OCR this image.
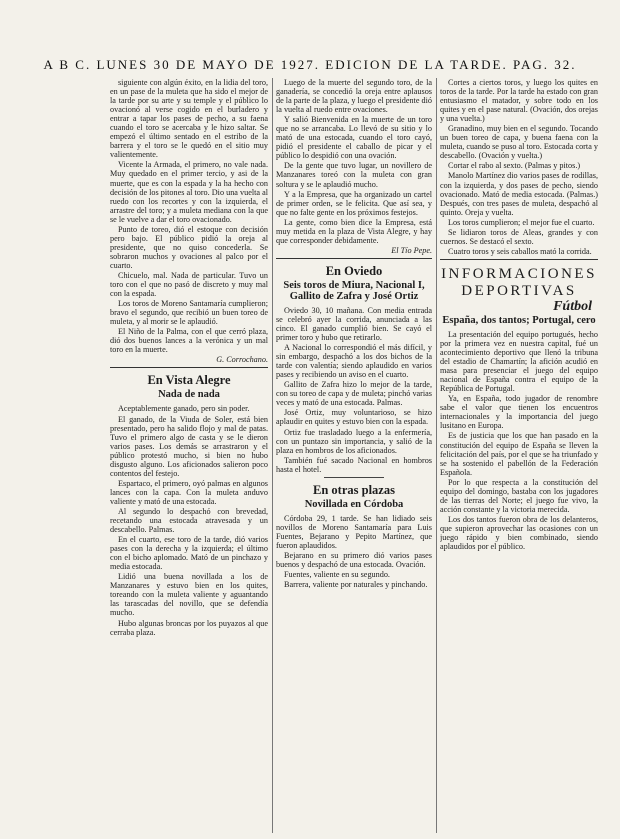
A B C. LUNES 30 DE MAYO DE 1927. EDICION DE LA TARDE. PAG. 32.

siguiente con algún éxito, en la lidia del toro, en un pase de la muleta que ha sido el mejor de la tarde por su arte y su temple y el público lo ovacionó al verse cogido en el burladero y entrar a tapar los pases de pecho, a su faena cuando el toro se acercaba y le hizo saltar. Se empezó el último sentado en el estribo de la barrera y el toro se le quedó en el sitio muy valientemente.

Vicente la Armada, el primero, no vale nada. Muy quedado en el primer tercio, y asi de la muerte, que es con la espada y la ha hecho con decisión de los pitones al toro. Dio una vuelta al ruedo con los recortes y con la izquierda, el arrastre del toro; y a muleta mediana con la que se le vuelve a dar el toro ovacionado.

Punto de toreo, dió el estoque con decisión pero bajo. El público pidió la oreja al presidente, que no quiso concederla. Se sobraron muchos y ovaciones al palco por el cuarto.

Chicuelo, mal. Nada de particular. Tuvo un toro con el que no pasó de discreto y muy mal con la espada.

Los toros de Moreno Santamaría cumplieron; bravo el segundo, que recibió un buen toreo de muleta, y al morir se le aplaudió.

El Niño de la Palma, con el que cerró plaza, dió dos buenos lances a la verónica y un mal toro en la muerte.

G. Corrochano.
En Vista Alegre
Nada de nada

Aceptablemente ganado, pero sin poder.

El ganado, de la Viuda de Soler, está bien presentado, pero ha salido flojo y mal de patas. Tuvo el primero algo de casta y se le dieron varios pases. Los demás se arrastraron y el público protestó mucho, si bien no hubo disgusto alguno. Los aficionados salieron poco contentos del festejo.

Espartaco, el primero, oyó palmas en algunos lances con la capa. Con la muleta anduvo valiente y mató de una estocada.

Al segundo lo despachó con brevedad, recetando una estocada atravesada y un descabello. Palmas.

En el cuarto, ese toro de la tarde, dió varios pases con la derecha y la izquierda; el último con el bicho aplomado. Mató de un pinchazo y media estocada.

Lidió una buena novillada a los de Manzanares y estuvo bien en los quites, toreando con la muleta valiente y aguantando las tarascadas del novillo, que se defendía mucho.

Hubo algunas broncas por los puyazos al que cerraba plaza.

Luego de la muerte del segundo toro, de la ganadería, se concedió la oreja entre aplausos de la parte de la plaza, y luego el presidente dió la vuelta al ruedo entre ovaciones.

Y salió Bienvenida en la muerte de un toro que no se arrancaba. Lo llevó de su sitio y lo mató de una estocada, cuando el toro cayó, pidió el presidente el caballo de picar y el público lo despidió con una ovación.

De la gente que tuvo lugar, un novillero de Manzanares toreó con la muleta con gran soltura y se le aplaudió mucho.

Y a la Empresa, que ha organizado un cartel de primer orden, se le felicita. Que así sea, y que no falte gente en los próximos festejos.

La gente, como bien dice la Empresa, está muy metida en la plaza de Vista Alegre, y hay que corresponder debidamente.

El Tío Pepe.
En Oviedo
Seis toros de Miura, Nacional I, Gallito de Zafra y José Ortiz

Oviedo 30, 10 mañana. Con media entrada se celebró ayer la corrida, anunciada a las cinco. El ganado cumplió bien. Se cayó el primer toro y hubo que retirarlo.

A Nacional lo correspondió el más difícil, y sin embargo, despachó a los dos bichos de la tarde con valentía; siendo aplaudido en varios pases y recibiendo un aviso en el cuarto.

Gallito de Zafra hizo lo mejor de la tarde, con su toreo de capa y de muleta; pinchó varias veces y mató de una estocada. Palmas.

José Ortiz, muy voluntarioso, se hizo aplaudir en quites y estuvo bien con la espada.

Ortiz fue trasladado luego a la enfermería, con un puntazo sin importancia, y salió de la plaza en hombros de los aficionados.

También fué sacado Nacional en hombros hasta el hotel.

En otras plazas
Novillada en Córdoba

Córdoba 29, 1 tarde. Se han lidiado seis novillos de Moreno Santamaría para Luis Fuentes, Bejarano y Pepito Martínez, que fueron aplaudidos.

Bejarano en su primero dió varios pases buenos y despachó de una estocada. Ovación.

Fuentes, valiente en su segundo.

Barrera, valiente por naturales y pinchando.

Cortes a ciertos toros, y luego los quites en toros de la tarde. Por la tarde ha estado con gran entusiasmo el matador, y sobre todo en los quites y en el pase natural. (Ovación, dos orejas y una vuelta.)

Granadino, muy bien en el segundo. Tocando un buen toreo de capa, y buena faena con la muleta, cuando se puso al toro. Estocada corta y descabello. (Ovación y vuelta.)

Cortar el rabo al sexto. (Palmas y pitos.)

Manolo Martínez dio varios pases de rodillas, con la izquierda, y dos pases de pecho, siendo ovacionado. Mató de media estocada. (Palmas.) Después, con tres pases de muleta, despachó al quinto. Oreja y vuelta.

Los toros cumplieron; el mejor fue el cuarto.

Se lidiaron toros de Aleas, grandes y con cuernos. Se destacó el sexto.

Cuatro toros y seis caballos mató la corrida.

INFORMACIONES
DEPORTIVAS
Fútbol
España, dos tantos; Portugal, cero

La presentación del equipo portugués, hecho por la primera vez en nuestra capital, fué un acontecimiento deportivo que llenó la tribuna del estadio de Chamartín; la afición acudió en masa para presenciar el juego del equipo nacional de España contra el equipo de la República de Portugal.

Ya, en España, todo jugador de renombre sabe el valor que tienen los encuentros internacionales y la importancia del juego lusitano en Europa.

Es de justicia que los que han pasado en la constitución del equipo de España se lleven la felicitación del país, por el que se ha triunfado y se ha sostenido el pabellón de la Federación Española.

Por lo que respecta a la constitución del equipo del domingo, bastaba con los jugadores de las tierras del Norte; el juego fue vivo, la acción constante y la victoria merecida.

Los dos tantos fueron obra de los delanteros, que supieron aprovechar las ocasiones con un juego rápido y bien combinado, siendo aplaudidos por el público.
